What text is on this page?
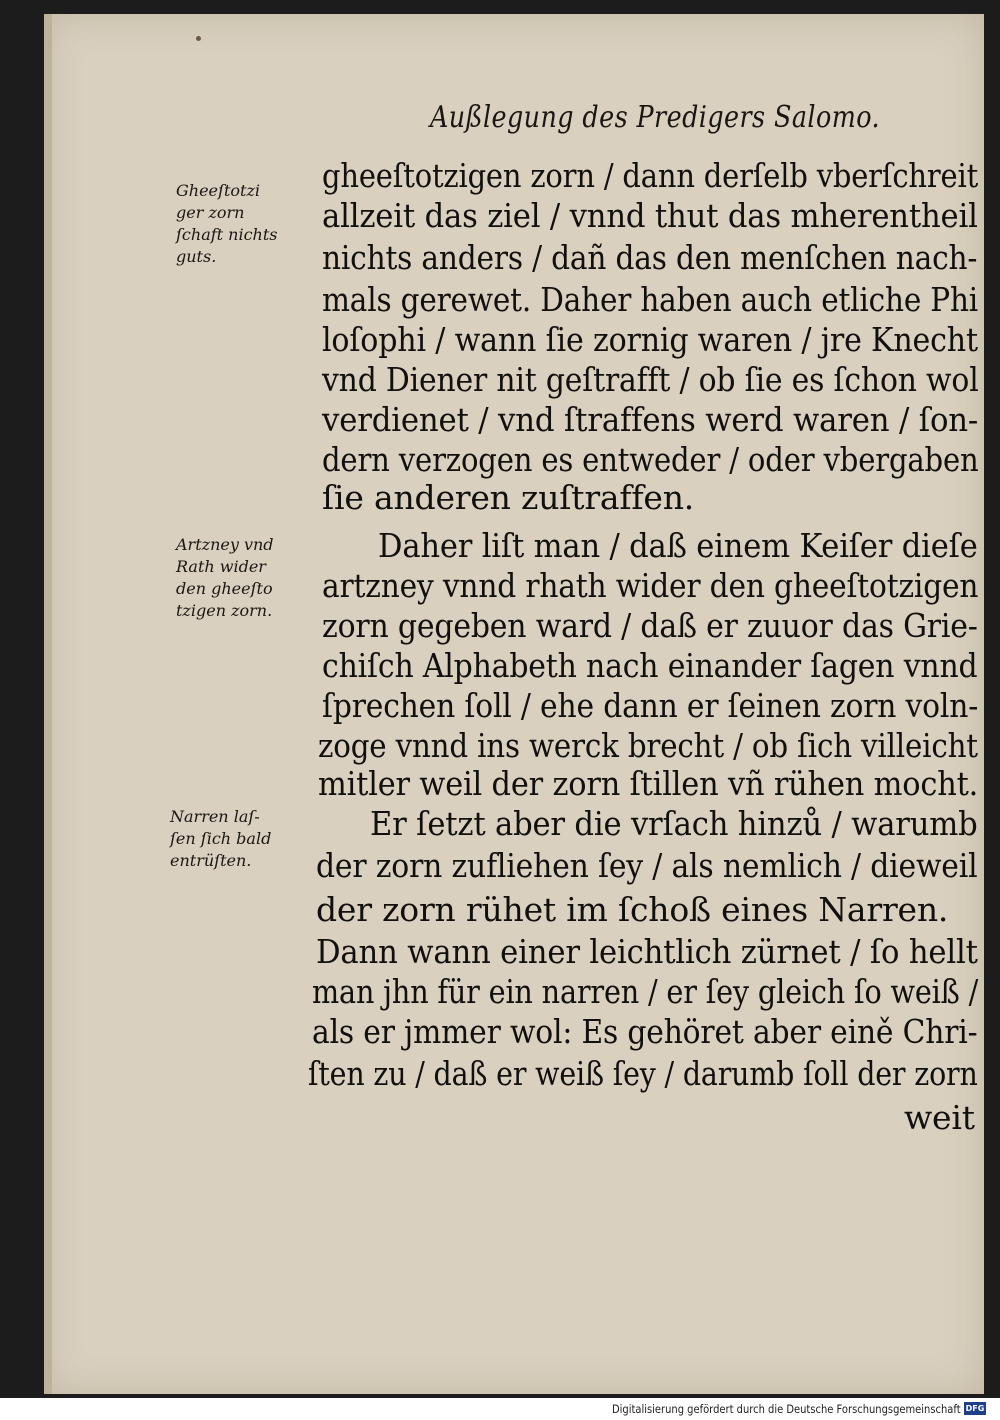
Außlegung des Predigers Salomo.
Gheeſtotzi
ger zorn
ſchaft nichts
guts.
Artzney vnd
Rath wider
den gheeſto
tzigen zorn.
Narren laſ-
ſen ſich bald
entrüſten.
gheeſtotzigen zorn / dann derſelb vberſchreit
allzeit das ziel / vnnd thut das mherentheil
nichts anders / dañ das den menſchen nach-
mals gerewet. Daher haben auch etliche Phi
loſophi / wann ſie zornig waren / jre Knecht
vnd Diener nit geſtrafft / ob ſie es ſchon wol
verdienet / vnd ſtraffens werd waren / ſon-
dern verzogen es entweder / oder vbergaben
ſie anderen zuſtraffen.
Daher liſt man / daß einem Keiſer dieſe
artzney vnnd rhath wider den gheeſtotzigen
zorn gegeben ward / daß er zuuor das Grie-
chiſch Alphabeth nach einander ſagen vnnd
ſprechen ſoll / ehe dann er ſeinen zorn voln-
zoge vnnd ins werck brecht / ob ſich villeicht
mitler weil der zorn ſtillen vñ rühen mocht.
Er ſetzt aber die vrſach hinzů / warumb
der zorn zufliehen ſey / als nemlich / dieweil
der zorn rühet im ſchoß eines Narren.
Dann wann einer leichtlich zürnet / ſo hellt
man jhn für ein narren / er ſey gleich ſo weiß /
als er jmmer wol: Es gehöret aber eině Chri-
ſten zu / daß er weiß ſey / darumb ſoll der zorn
weit
Digitalisierung gefördert durch die Deutsche Forschungsgemeinschaft DFG
